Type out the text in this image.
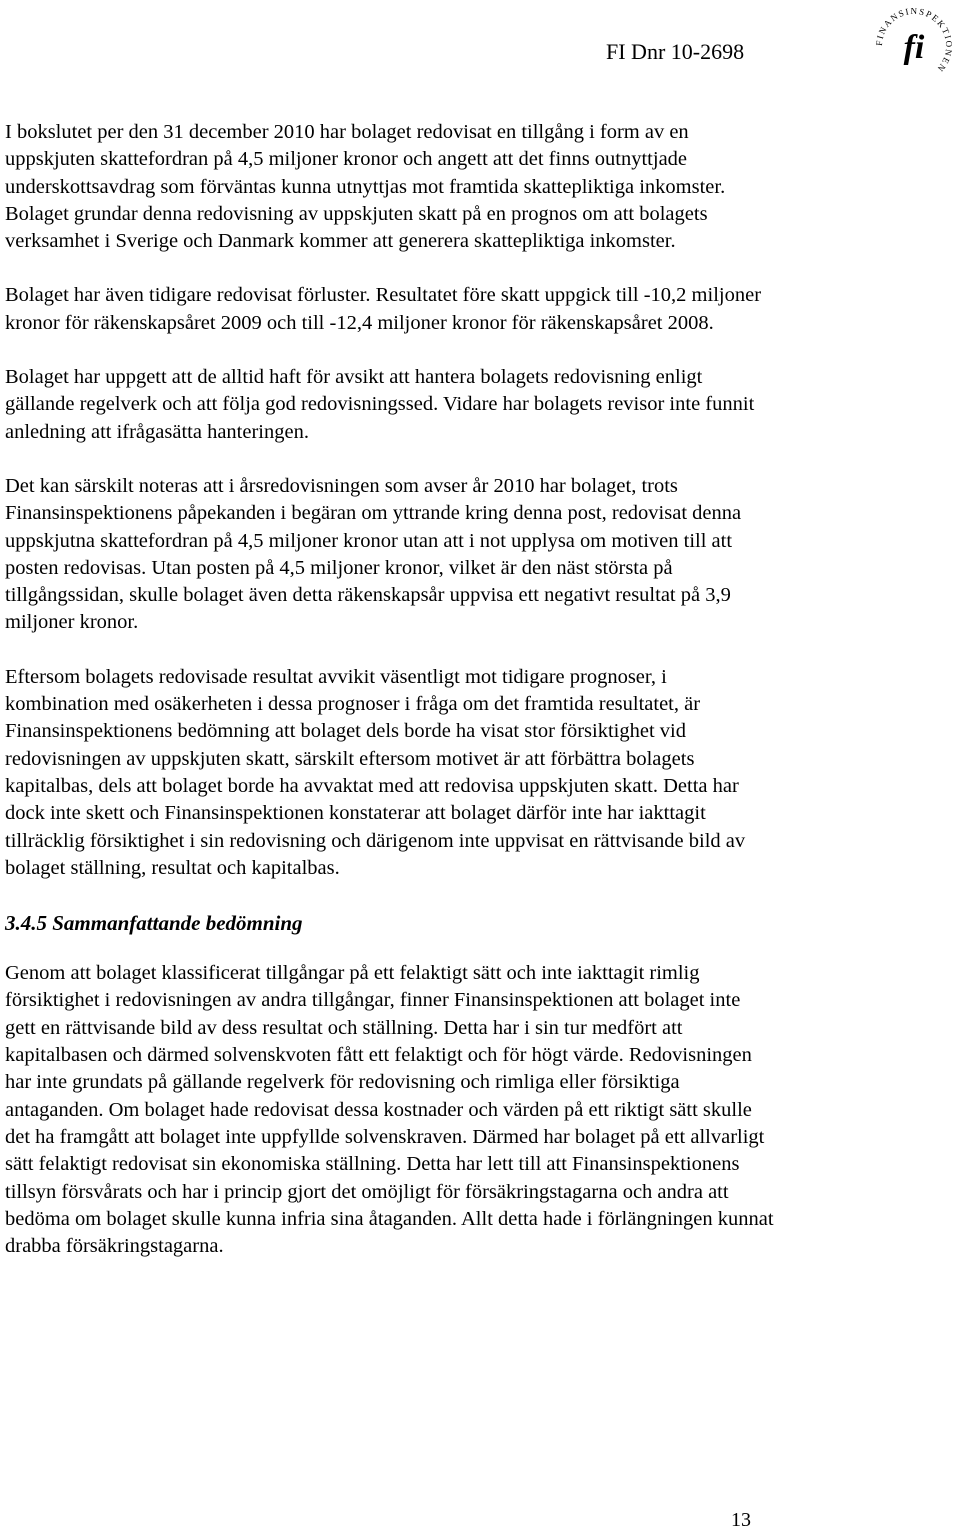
FI Dnr 10-2698	FINANSINSPEKTIONEN
fi

I bokslutet per den 31 december 2010 har bolaget redovisat en tillgång i form av en uppskjuten skattefordran på 4,5 miljoner kronor och angett att det finns outnyttjade underskottsavdrag som förväntas kunna utnyttjas mot framtida skattepliktiga inkomster. Bolaget grundar denna redovisning av uppskjuten skatt på en prognos om att bolagets verksamhet i Sverige och Danmark kommer att generera skattepliktiga inkomster.

Bolaget har även tidigare redovisat förluster. Resultatet före skatt uppgick till -10,2 miljoner kronor för räkenskapsåret 2009 och till -12,4 miljoner kronor för räkenskapsåret 2008.

Bolaget har uppgett att de alltid haft för avsikt att hantera bolagets redovisning enligt gällande regelverk och att följa god redovisningssed. Vidare har bolagets revisor inte funnit anledning att ifrågasätta hanteringen.

Det kan särskilt noteras att i årsredovisningen som avser år 2010 har bolaget, trots Finansinspektionens påpekanden i begäran om yttrande kring denna post, redovisat denna uppskjutna skattefordran på 4,5 miljoner kronor utan att i not upplysa om motiven till att posten redovisas. Utan posten på 4,5 miljoner kronor, vilket är den näst största på tillgångssidan, skulle bolaget även detta räkenskapsår uppvisa ett negativt resultat på 3,9 miljoner kronor.

Eftersom bolagets redovisade resultat avvikit väsentligt mot tidigare prognoser, i kombination med osäkerheten i dessa prognoser i fråga om det framtida resultatet, är Finansinspektionens bedömning att bolaget dels borde ha visat stor försiktighet vid redovisningen av uppskjuten skatt, särskilt eftersom motivet är att förbättra bolagets kapitalbas, dels att bolaget borde ha avvaktat med att redovisa uppskjuten skatt. Detta har dock inte skett och Finansinspektionen konstaterar att bolaget därför inte har iakttagit tillräcklig försiktighet i sin redovisning och därigenom inte uppvisat en rättvisande bild av bolaget ställning, resultat och kapitalbas.

3.4.5 Sammanfattande bedömning

Genom att bolaget klassificerat tillgångar på ett felaktigt sätt och inte iakttagit rimlig försiktighet i redovisningen av andra tillgångar, finner Finansinspektionen att bolaget inte gett en rättvisande bild av dess resultat och ställning. Detta har i sin tur medfört att kapitalbasen och därmed solvenskvoten fått ett felaktigt och för högt värde. Redovisningen har inte grundats på gällande regelverk för redovisning och rimliga eller försiktiga antaganden. Om bolaget hade redovisat dessa kostnader och värden på ett riktigt sätt skulle det ha framgått att bolaget inte uppfyllde solvenskraven. Därmed har bolaget på ett allvarligt sätt felaktigt redovisat sin ekonomiska ställning. Detta har lett till att Finansinspektionens tillsyn försvårats och har i princip gjort det omöjligt för försäkringstagarna och andra att bedöma om bolaget skulle kunna infria sina åtaganden. Allt detta hade i förlängningen kunnat drabba försäkringstagarna.

13
